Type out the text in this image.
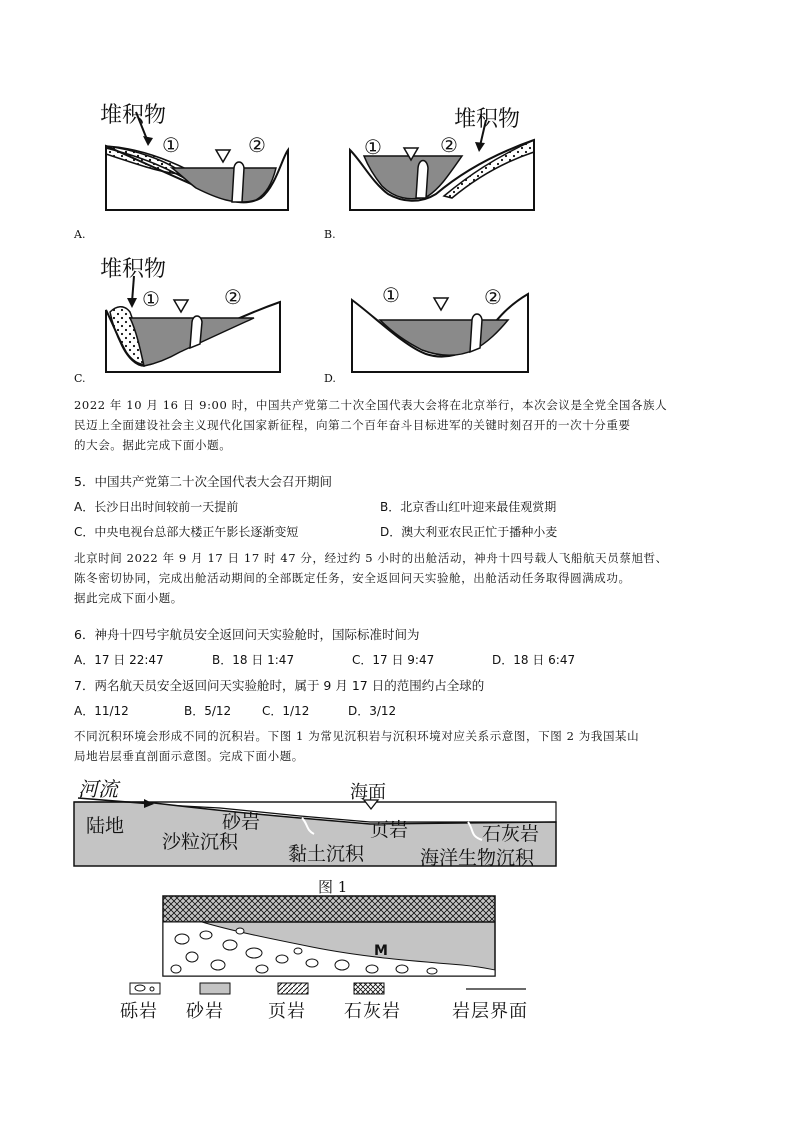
堆积物
①	②
A.
堆积物
①	②
B.
堆积物
①	②
C.
①	②
D.
2022 年 10 月 16 日 9:00 时，中国共产党第二十次全国代表大会将在北京举行，本次会议是全党全国各族人
民迈上全面建设社会主义现代化国家新征程，向第二个百年奋斗目标进军的关键时刻召开的一次十分重要
的大会。据此完成下面小题。
5．中国共产党第二十次全国代表大会召开期间
A．长沙日出时间较前一天提前	B．北京香山红叶迎来最佳观赏期
C．中央电视台总部大楼正午影长逐渐变短	D．澳大利亚农民正忙于播种小麦
北京时间 2022 年 9 月 17 日 17 时 47 分，经过约 5 小时的出舱活动，神舟十四号载人飞船航天员蔡旭哲、
陈冬密切协同，完成出舱活动期间的全部既定任务，安全返回问天实验舱，出舱活动任务取得圆满成功。
据此完成下面小题。
6．神舟十四号宇航员安全返回问天实验舱时，国际标准时间为
A．17 日 22:47	B．18 日 1:47	C．17 日 9:47	D．18 日 6:47
7．两名航天员安全返回问天实验舱时，属于 9 月 17 日的范围约占全球的
A．11/12	B．5/12	C．1/12	D．3/12
不同沉积环境会形成不同的沉积岩。下图 1 为常见沉积岩与沉积环境对应关系示意图，下图 2 为我国某山
局地岩层垂直剖面示意图。完成下面小题。
河流	海面
陆地	砂岩	页岩	石灰岩
沙粒沉积
黏土沉积	海洋生物沉积
图 1
M
砾岩 砂岩 页岩 石灰岩	岩层界面
